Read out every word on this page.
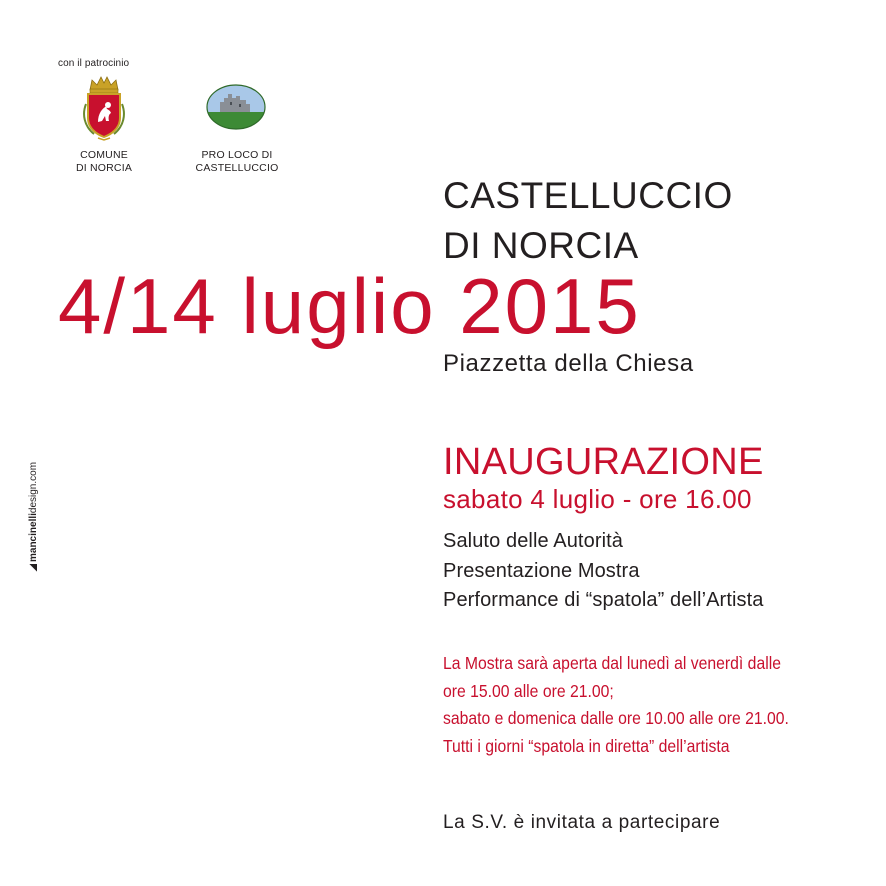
con il patrocinio
COMUNE
DI NORCIA
PRO LOCO DI
CASTELLUCCIO
CASTELLUCCIO
DI NORCIA
4/14 luglio 2015
Piazzetta della Chiesa
INAUGURAZIONE
sabato 4 luglio - ore 16.00
Saluto delle Autorità
Presentazione Mostra
Performance di “spatola” dell’Artista
La Mostra sarà aperta dal lunedì al venerdì dalle
ore 15.00 alle ore 21.00;
sabato e domenica dalle ore 10.00 alle ore 21.00.
Tutti i giorni “spatola in diretta” dell’artista
La S.V. è invitata a partecipare
mancinellidesign.com
